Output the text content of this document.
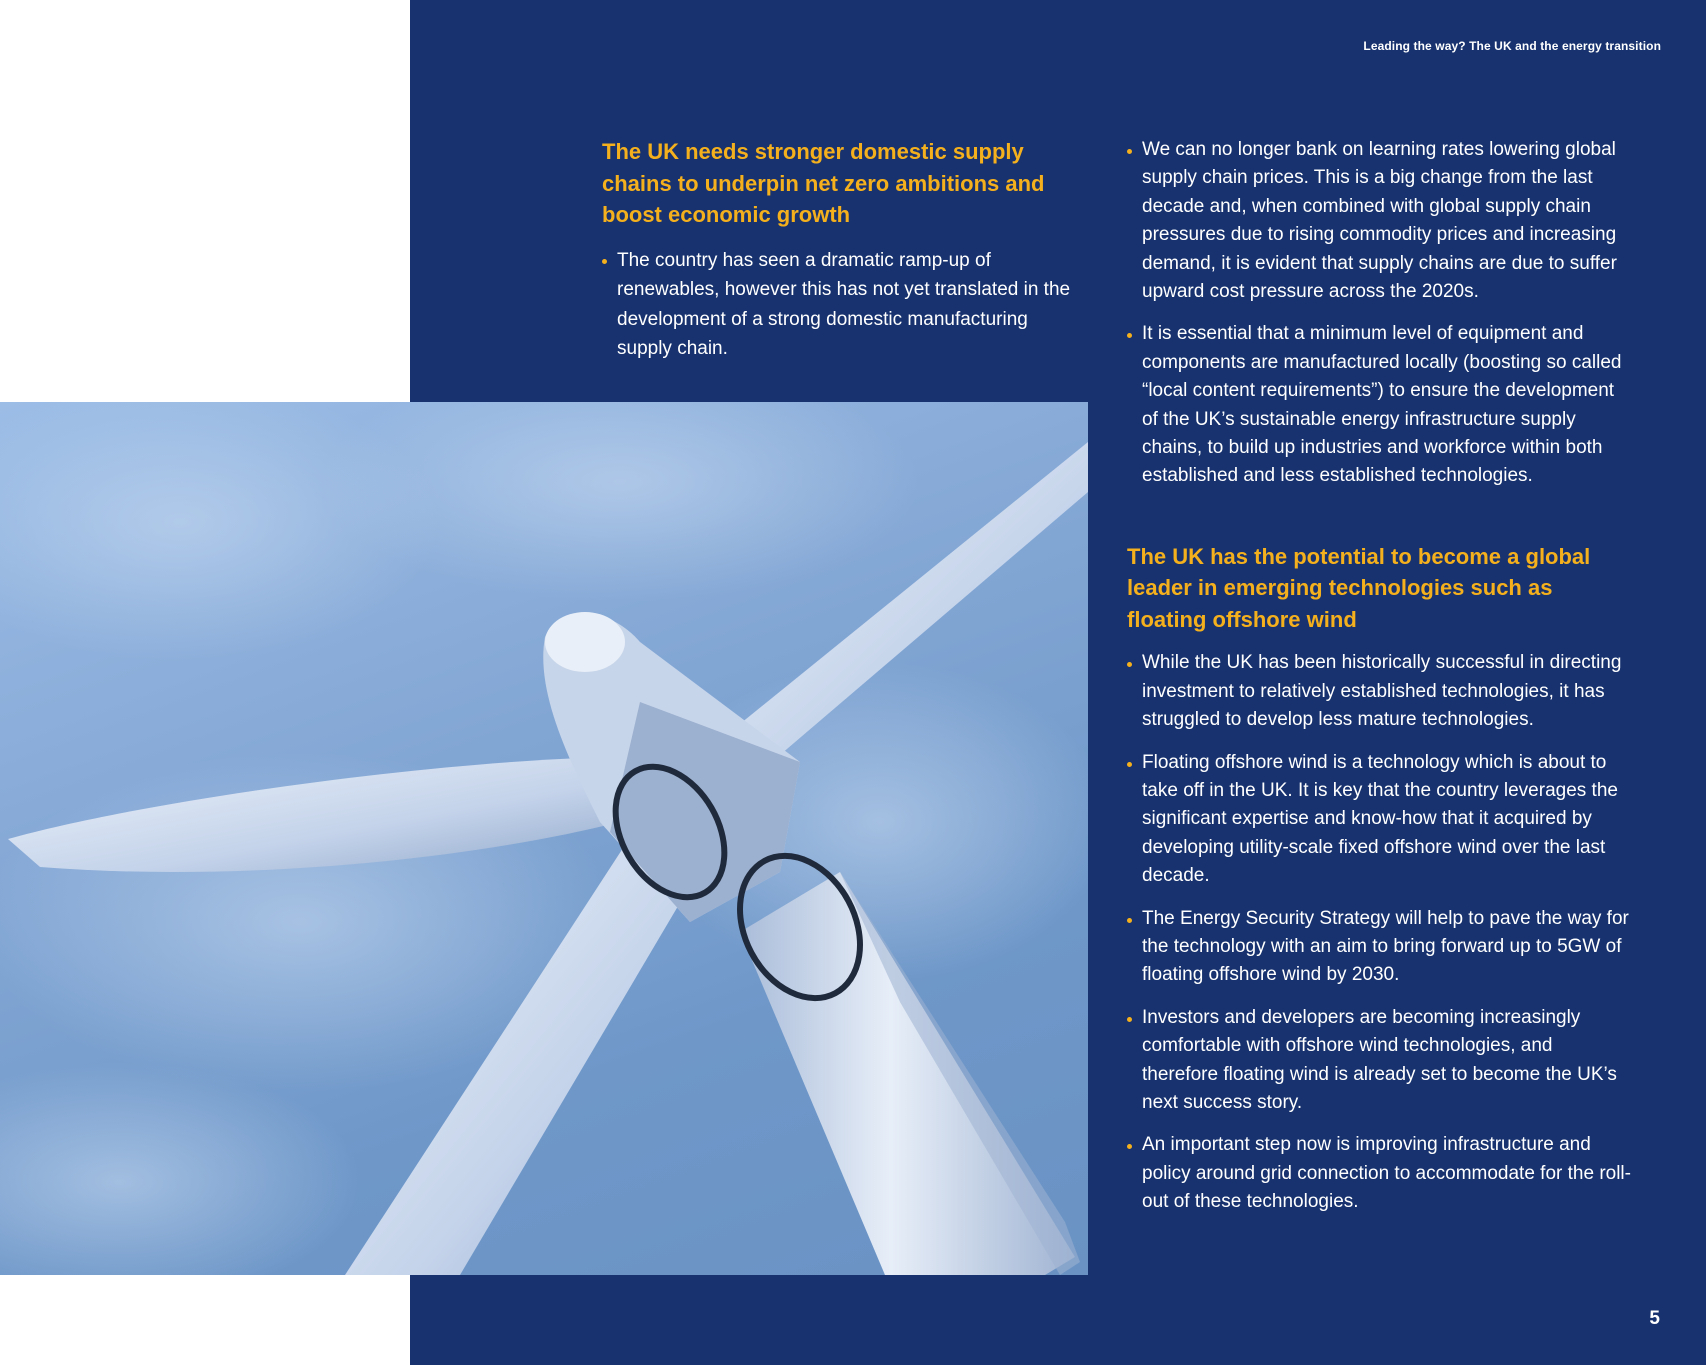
Leading the way? The UK and the energy transition
The UK needs stronger domestic supply chains to underpin net zero ambitions and boost economic growth
The country has seen a dramatic ramp-up of renewables, however this has not yet translated in the development of a strong domestic manufacturing supply chain.
We can no longer bank on learning rates lowering global supply chain prices. This is a big change from the last decade and, when combined with global supply chain pressures due to rising commodity prices and increasing demand, it is evident that supply chains are due to suffer upward cost pressure across the 2020s.
It is essential that a minimum level of equipment and components are manufactured locally (boosting so called “local content requirements”) to ensure the development of the UK’s sustainable energy infrastructure supply chains, to build up industries and workforce within both established and less established technologies.
The UK has the potential to become a global leader in emerging technologies such as floating offshore wind
While the UK has been historically successful in directing investment to relatively established technologies, it has struggled to develop less mature technologies.
Floating offshore wind is a technology which is about to take off in the UK. It is key that the country leverages the significant expertise and know-how that it acquired by developing utility-scale fixed offshore wind over the last decade.
The Energy Security Strategy will help to pave the way for the technology with an aim to bring forward up to 5GW of floating offshore wind by 2030.
Investors and developers are becoming increasingly comfortable with offshore wind technologies, and therefore floating wind is already set to become the UK’s next success story.
An important step now is improving infrastructure and policy around grid connection to accommodate for the roll-out of these technologies.
5
